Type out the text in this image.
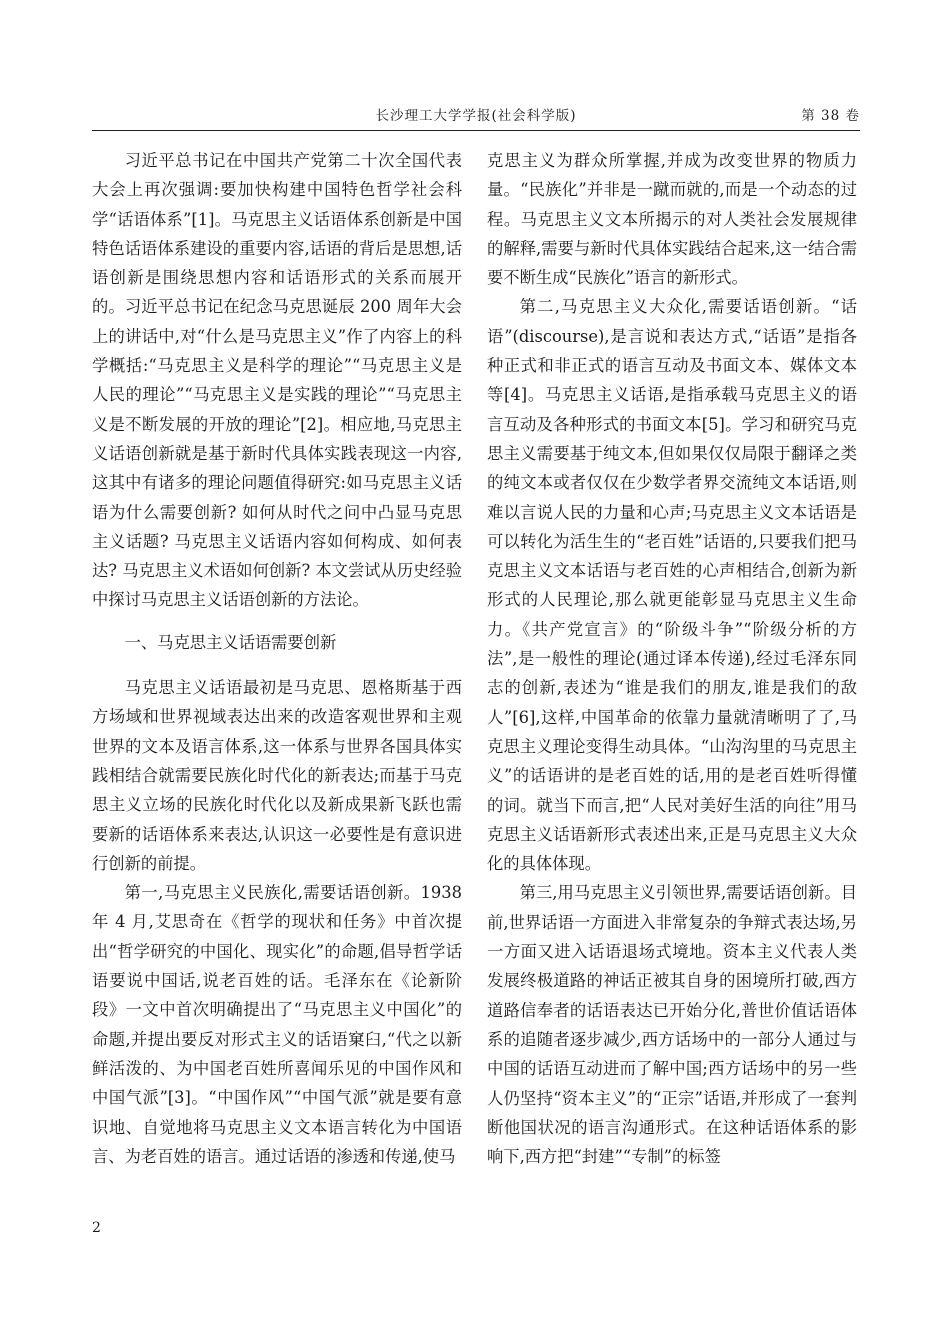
长沙理工大学学报(社会科学版)	第 38 卷

习近平总书记在中国共产党第二十次全国代表大会上再次强调:要加快构建中国特色哲学社会科学“话语体系”[1]。马克思主义话语体系创新是中国特色话语体系建设的重要内容,话语的背后是思想,话语创新是围绕思想内容和话语形式的关系而展开的。习近平总书记在纪念马克思诞辰 200 周年大会上的讲话中,对“什么是马克思主义”作了内容上的科学概括:“马克思主义是科学的理论”“马克思主义是人民的理论”“马克思主义是实践的理论”“马克思主义是不断发展的开放的理论”[2]。相应地,马克思主义话语创新就是基于新时代具体实践表现这一内容,这其中有诸多的理论问题值得研究:如马克思主义话语为什么需要创新? 如何从时代之问中凸显马克思主义话题? 马克思主义话语内容如何构成、如何表达? 马克思主义术语如何创新? 本文尝试从历史经验中探讨马克思主义话语创新的方法论。

一、马克思主义话语需要创新

马克思主义话语最初是马克思、恩格斯基于西方场域和世界视域表达出来的改造客观世界和主观世界的文本及语言体系,这一体系与世界各国具体实践相结合就需要民族化时代化的新表达;而基于马克思主义立场的民族化时代化以及新成果新飞跃也需要新的话语体系来表达,认识这一必要性是有意识进行创新的前提。

第一,马克思主义民族化,需要话语创新。1938 年 4 月,艾思奇在《哲学的现状和任务》中首次提出“哲学研究的中国化、现实化”的命题,倡导哲学话语要说中国话,说老百姓的话。毛泽东在《论新阶段》一文中首次明确提出了“马克思主义中国化”的命题,并提出要反对形式主义的话语窠臼,“代之以新鲜活泼的、为中国老百姓所喜闻乐见的中国作风和中国气派”[3]。“中国作风”“中国气派”就是要有意识地、自觉地将马克思主义文本语言转化为中国语言、为老百姓的语言。通过话语的渗透和传递,使马

克思主义为群众所掌握,并成为改变世界的物质力量。“民族化”并非是一蹴而就的,而是一个动态的过程。马克思主义文本所揭示的对人类社会发展规律的解释,需要与新时代具体实践结合起来,这一结合需要不断生成“民族化”语言的新形式。

第二,马克思主义大众化,需要话语创新。“话语”(discourse),是言说和表达方式,“话语”是指各种正式和非正式的语言互动及书面文本、媒体文本等[4]。马克思主义话语,是指承载马克思主义的语言互动及各种形式的书面文本[5]。学习和研究马克思主义需要基于纯文本,但如果仅仅局限于翻译之类的纯文本或者仅仅在少数学者界交流纯文本话语,则难以言说人民的力量和心声;马克思主义文本话语是可以转化为活生生的“老百姓”话语的,只要我们把马克思主义文本话语与老百姓的心声相结合,创新为新形式的人民理论,那么就更能彰显马克思主义生命力。《共产党宣言》的“阶级斗争”“阶级分析的方法”,是一般性的理论(通过译本传递),经过毛泽东同志的创新,表述为“谁是我们的朋友,谁是我们的敌人”[6],这样,中国革命的依靠力量就清晰明了了,马克思主义理论变得生动具体。“山沟沟里的马克思主义”的话语讲的是老百姓的话,用的是老百姓听得懂的词。就当下而言,把“人民对美好生活的向往”用马克思主义话语新形式表述出来,正是马克思主义大众化的具体体现。

第三,用马克思主义引领世界,需要话语创新。目前,世界话语一方面进入非常复杂的争辩式表达场,另一方面又进入话语退场式境地。资本主义代表人类发展终极道路的神话正被其自身的困境所打破,西方道路信奉者的话语表达已开始分化,普世价值话语体系的追随者逐步减少,西方话场中的一部分人通过与中国的话语互动进而了解中国;西方话场中的另一些人仍坚持“资本主义”的“正宗”话语,并形成了一套判断他国状况的语言沟通形式。在这种话语体系的影响下,西方把“封建”“专制”的标签

2
